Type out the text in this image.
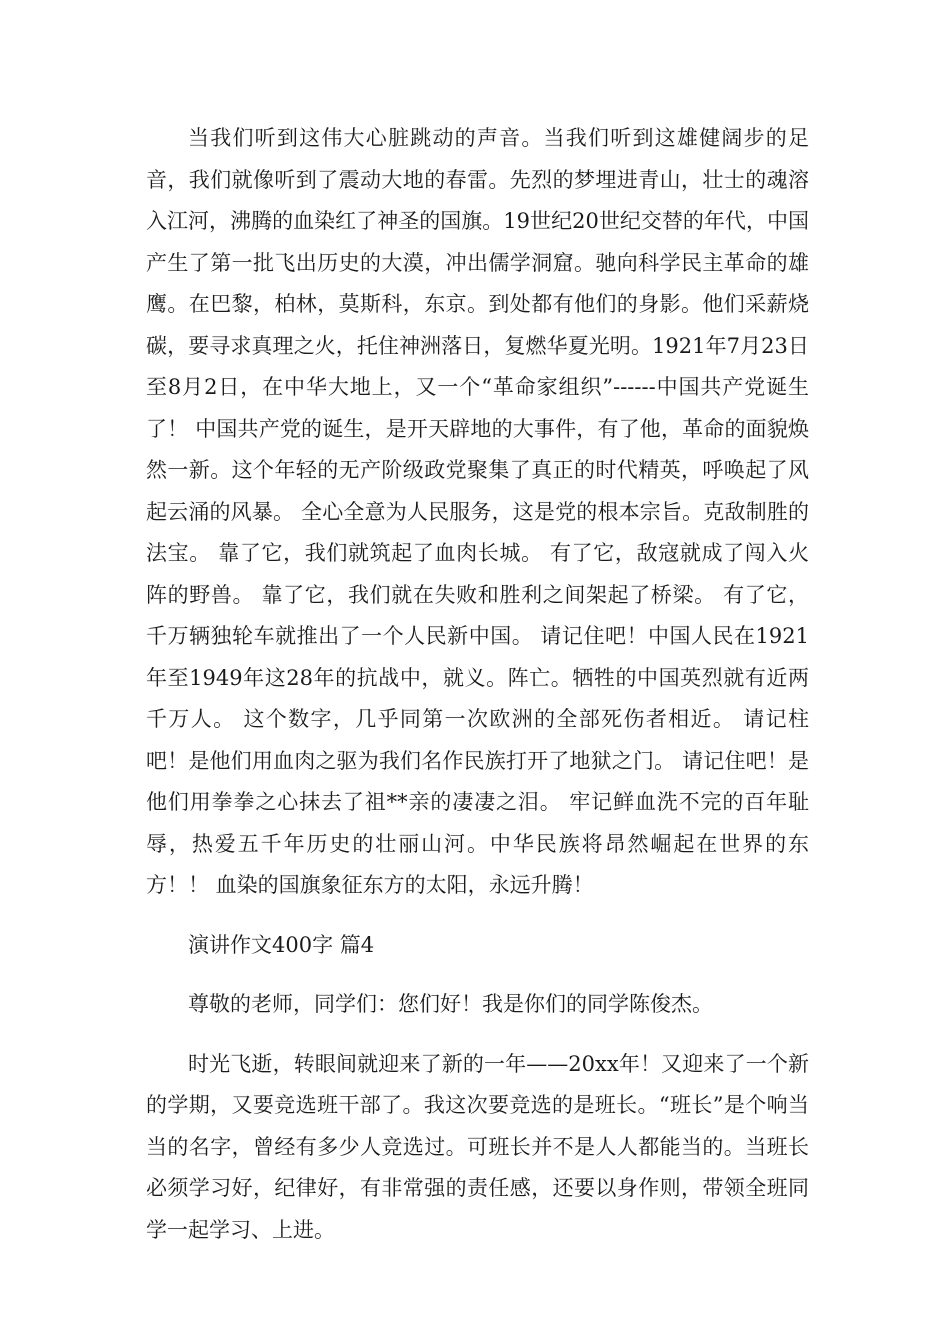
当我们听到这伟大心脏跳动的声音。当我们听到这雄健阔步的足音，我们就像听到了震动大地的春雷。先烈的梦埋进青山，壮士的魂溶入江河，沸腾的血染红了神圣的国旗。19世纪20世纪交替的年代，中国产生了第一批飞出历史的大漠，冲出儒学洞窟。驰向科学民主革命的雄鹰。在巴黎，柏林，莫斯科，东京。到处都有他们的身影。他们采薪烧碳，要寻求真理之火，托住神洲落日，复燃华夏光明。1921年7月23日至8月2日，在中华大地上，又一个“革命家组织”------中国共产党诞生了！ 中国共产党的诞生，是开天辟地的大事件，有了他，革命的面貌焕然一新。这个年轻的无产阶级政党聚集了真正的时代精英，呼唤起了风起云涌的风暴。 全心全意为人民服务，这是党的根本宗旨。克敌制胜的法宝。 靠了它，我们就筑起了血肉长城。 有了它，敌寇就成了闯入火阵的野兽。 靠了它，我们就在失败和胜利之间架起了桥梁。 有了它，千万辆独轮车就推出了一个人民新中国。 请记住吧！中国人民在1921年至1949年这28年的抗战中，就义。阵亡。牺牲的中国英烈就有近两千万人。 这个数字，几乎同第一次欧洲的全部死伤者相近。 请记柱吧！是他们用血肉之驱为我们名作民族打开了地狱之门。 请记住吧！是他们用拳拳之心抹去了祖**亲的凄凄之泪。 牢记鲜血洗不完的百年耻辱，热爱五千年历史的壮丽山河。中华民族将昂然崛起在世界的东方！！ 血染的国旗象征东方的太阳，永远升腾！

演讲作文400字 篇4

尊敬的老师，同学们：您们好！我是你们的同学陈俊杰。

时光飞逝，转眼间就迎来了新的一年——20xx年！又迎来了一个新的学期，又要竞选班干部了。我这次要竞选的是班长。“班长”是个响当当的名字，曾经有多少人竞选过。可班长并不是人人都能当的。当班长必须学习好，纪律好，有非常强的责任感，还要以身作则，带领全班同学一起学习、上进。
